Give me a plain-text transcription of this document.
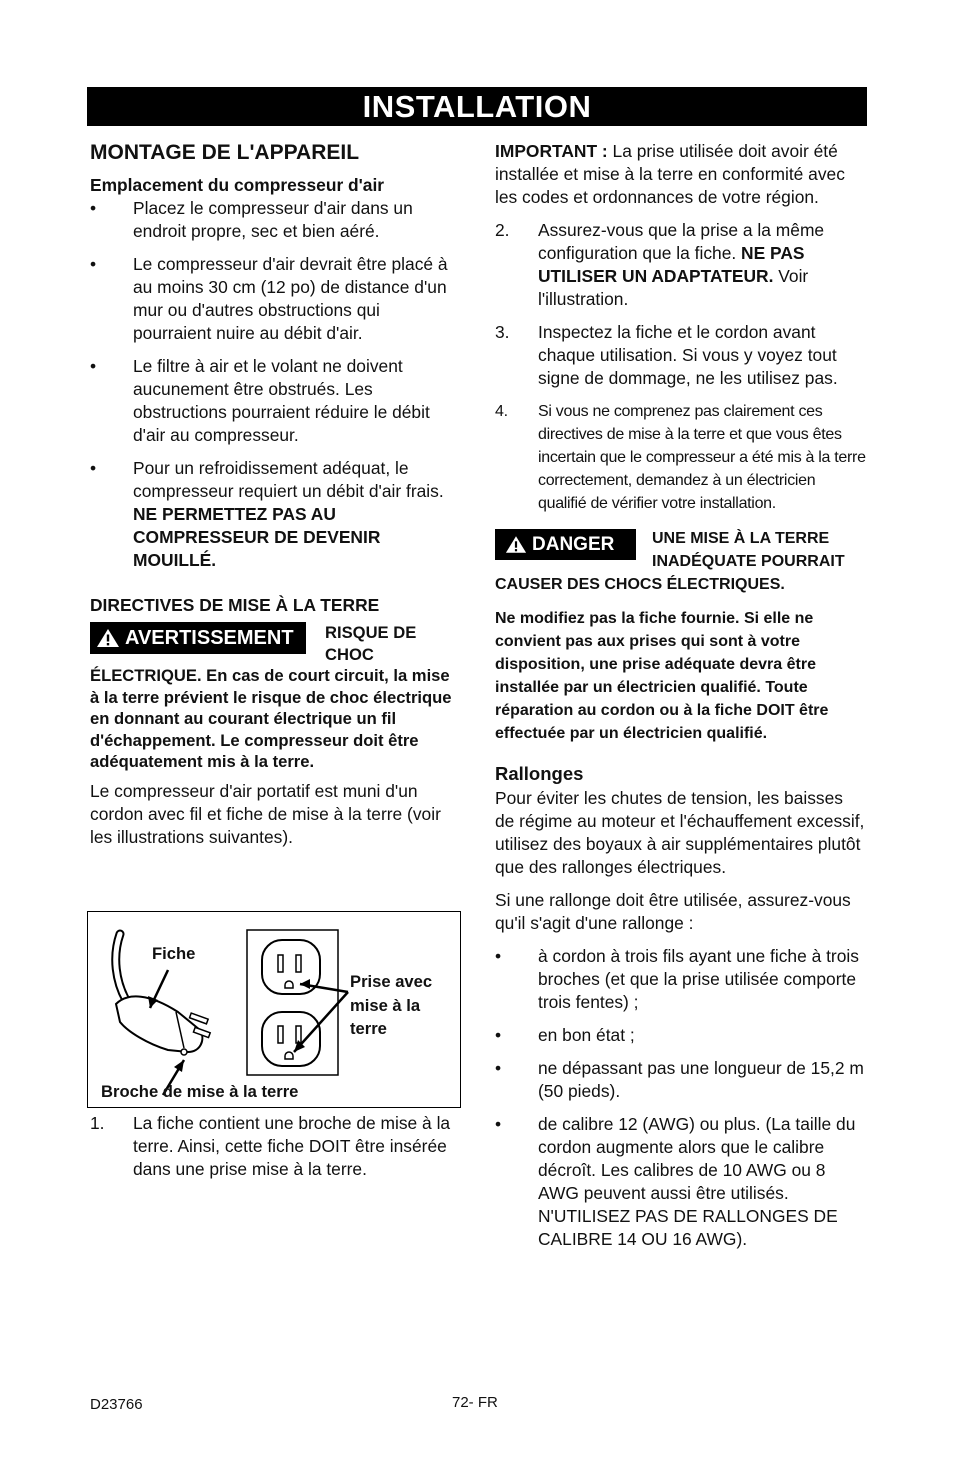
INSTALLATION
MONTAGE DE L'APPAREIL
Emplacement du compresseur d'air
•	Placez le compresseur d'air dans un endroit propre, sec et bien aéré.
•	Le compresseur d'air devrait être placé à au moins 30 cm (12 po) de distance d'un mur ou d'autres obstructions qui pourraient nuire au débit d'air.
•	Le filtre à air et le volant ne doivent aucunement être obstrués. Les obstructions pourraient réduire le débit d'air au compresseur.
•	Pour un refroidissement adéquat, le compresseur requiert un débit d'air frais. NE PERMETTEZ PAS AU COMPRESSEUR DE DEVENIR MOUILLÉ.
DIRECTIVES DE MISE À LA TERRE
AVERTISSEMENT RISQUE DE CHOC
ÉLECTRIQUE. En cas de court circuit, la mise à la terre prévient le risque de choc électrique en donnant au courant électrique un fil d'échappement. Le compresseur doit être adéquatement mis à la terre.

Le compresseur d'air portatif est muni d'un cordon avec fil et fiche de mise à la terre (voir les illustrations suivantes).

Fiche
Prise avec mise à la terre
Broche de mise à la terre
1.	La fiche contient une broche de mise à la terre. Ainsi, cette fiche DOIT être insérée dans une prise mise à la terre.

IMPORTANT : La prise utilisée doit avoir été installée et mise à la terre en conformité avec les codes et ordonnances de votre région.

2.	Assurez-vous que la prise a la même configuration que la fiche. NE PAS UTILISER UN ADAPTATEUR. Voir l'illustration.
3.	Inspectez la fiche et le cordon avant chaque utilisation. Si vous y voyez tout signe de dommage, ne les utilisez pas.
4.	Si vous ne comprenez pas clairement ces directives de mise à la terre et que vous êtes incertain que le compresseur a été mis à la terre correctement, demandez à un électricien qualifié de vérifier votre installation.
DANGER	UNE MISE À LA TERRE INADÉQUATE POURRAIT
CAUSER DES CHOCS ÉLECTRIQUES.
Ne modifiez pas la fiche fournie. Si elle ne convient pas aux prises qui sont à votre disposition, une prise adéquate devra être installée par un électricien qualifié. Toute réparation au cordon ou à la fiche DOIT être effectuée par un électricien qualifié.
Rallonges

Pour éviter les chutes de tension, les baisses de régime au moteur et l'échauffement excessif, utilisez des boyaux à air supplémentaires plutôt que des rallonges électriques.

Si une rallonge doit être utilisée, assurez-vous qu'il s'agit d'une rallonge :

•	à cordon à trois fils ayant une fiche à trois broches (et que la prise utilisée comporte trois fentes) ;
•	en bon état ;
•	ne dépassant pas une longueur de 15,2 m (50 pieds).
•	de calibre 12 (AWG) ou plus. (La taille du cordon augmente alors que le calibre décroît. Les calibres de 10 AWG ou 8 AWG peuvent aussi être utilisés. N'UTILISEZ PAS DE RALLONGES DE CALIBRE 14 OU 16 AWG).
D23766	72- FR
